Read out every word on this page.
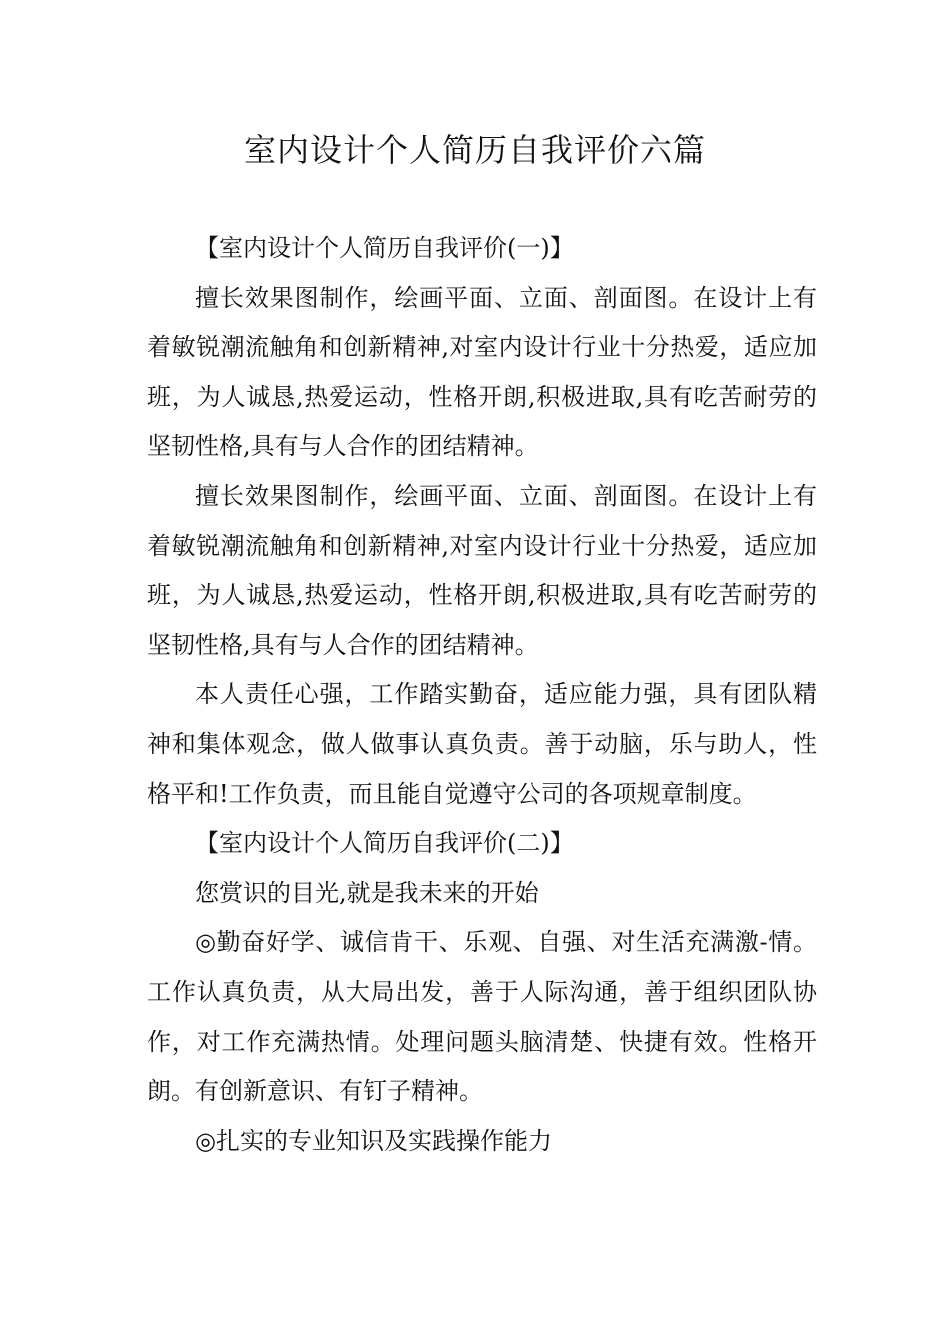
室内设计个人简历自我评价六篇

【室内设计个人简历自我评价(一)】

擅长效果图制作，绘画平面、立面、剖面图。在设计上有着敏锐潮流触角和创新精神,对室内设计行业十分热爱，适应加班，为人诚恳,热爱运动，性格开朗,积极进取,具有吃苦耐劳的坚韧性格,具有与人合作的团结精神。

擅长效果图制作，绘画平面、立面、剖面图。在设计上有着敏锐潮流触角和创新精神,对室内设计行业十分热爱，适应加班，为人诚恳,热爱运动，性格开朗,积极进取,具有吃苦耐劳的坚韧性格,具有与人合作的团结精神。

本人责任心强，工作踏实勤奋，适应能力强，具有团队精神和集体观念，做人做事认真负责。善于动脑，乐与助人，性格平和!工作负责，而且能自觉遵守公司的各项规章制度。

【室内设计个人简历自我评价(二)】

您赏识的目光,就是我未来的开始

◎勤奋好学、诚信肯干、乐观、自强、对生活充满激-情。工作认真负责，从大局出发，善于人际沟通，善于组织团队协作，对工作充满热情。处理问题头脑清楚、快捷有效。性格开朗。有创新意识、有钉子精神。

◎扎实的专业知识及实践操作能力
